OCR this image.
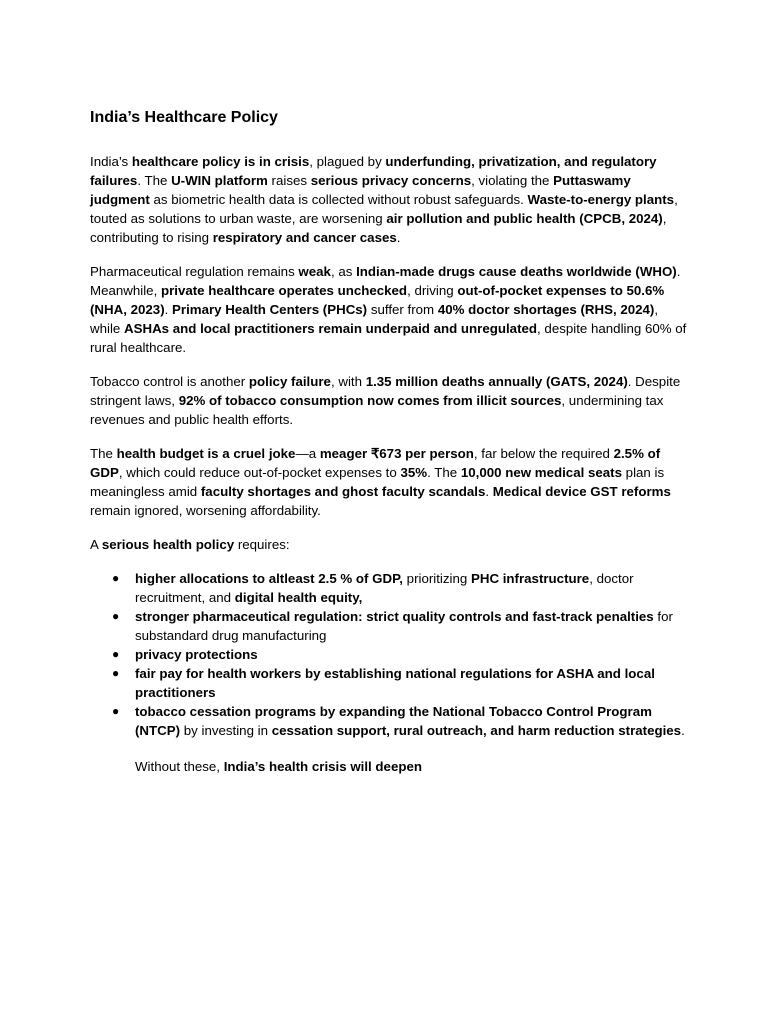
India’s Healthcare Policy

India’s healthcare policy is in crisis, plagued by underfunding, privatization, and regulatory failures. The U-WIN platform raises serious privacy concerns, violating the Puttaswamy judgment as biometric health data is collected without robust safeguards. Waste-to-energy plants, touted as solutions to urban waste, are worsening air pollution and public health (CPCB, 2024), contributing to rising respiratory and cancer cases.

Pharmaceutical regulation remains weak, as Indian-made drugs cause deaths worldwide (WHO). Meanwhile, private healthcare operates unchecked, driving out-of-pocket expenses to 50.6% (NHA, 2023). Primary Health Centers (PHCs) suffer from 40% doctor shortages (RHS, 2024), while ASHAs and local practitioners remain underpaid and unregulated, despite handling 60% of rural healthcare.

Tobacco control is another policy failure, with 1.35 million deaths annually (GATS, 2024). Despite stringent laws, 92% of tobacco consumption now comes from illicit sources, undermining tax revenues and public health efforts.

The health budget is a cruel joke—a meager ₹673 per person, far below the required 2.5% of GDP, which could reduce out-of-pocket expenses to 35%. The 10,000 new medical seats plan is meaningless amid faculty shortages and ghost faculty scandals. Medical device GST reforms remain ignored, worsening affordability.

A serious health policy requires:

● higher allocations to altleast 2.5 % of GDP, prioritizing PHC infrastructure, doctor recruitment, and digital health equity,
● stronger pharmaceutical regulation: strict quality controls and fast-track penalties for substandard drug manufacturing
● privacy protections
● fair pay for health workers by establishing national regulations for ASHA and local practitioners
● tobacco cessation programs by expanding the National Tobacco Control Program (NTCP) by investing in cessation support, rural outreach, and harm reduction strategies.
Without these, India’s health crisis will deepen
